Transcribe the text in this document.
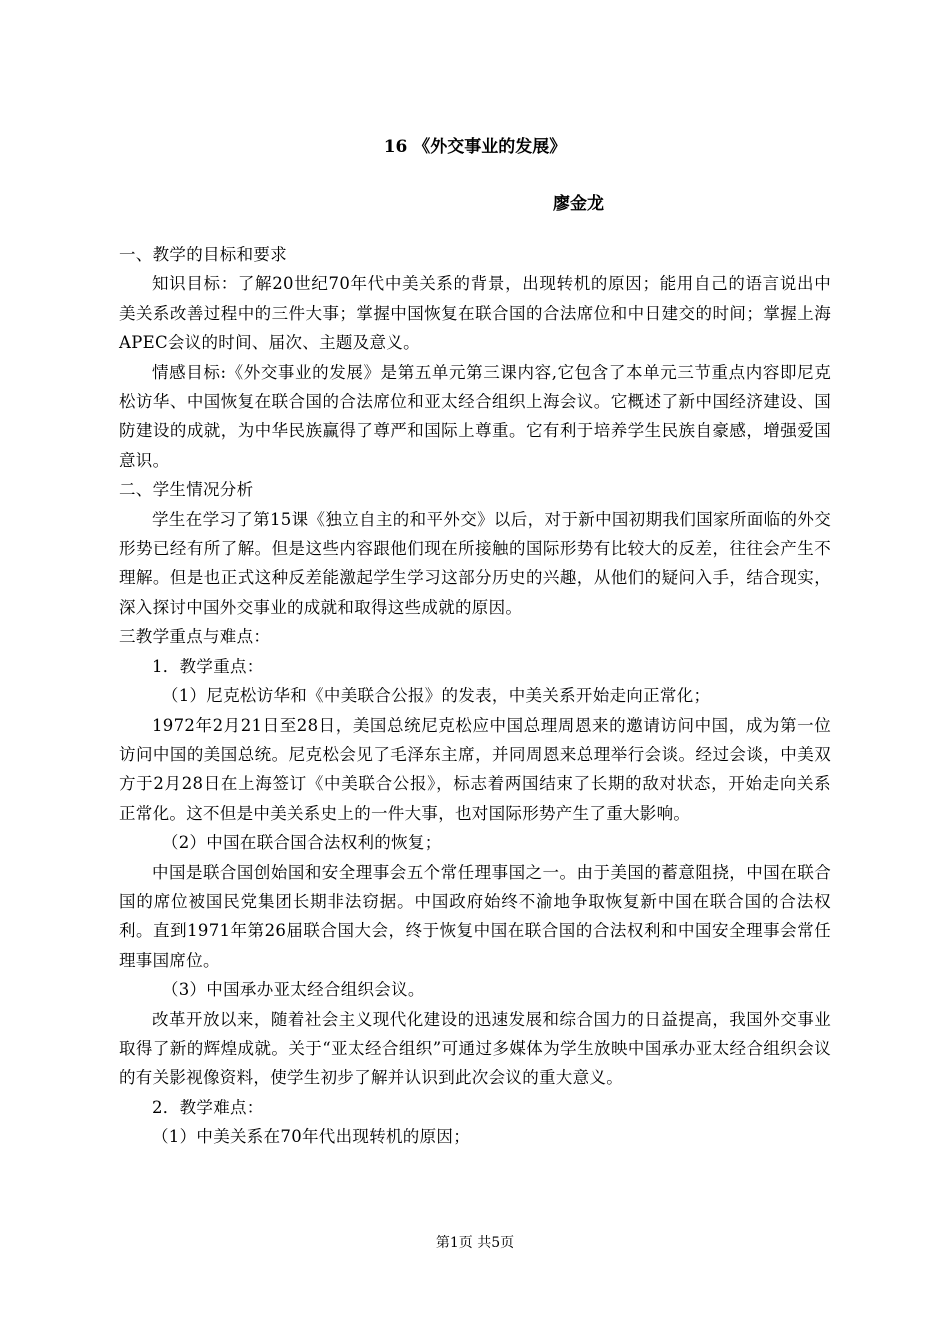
16 《外交事业的发展》
廖金龙

一、教学的目标和要求

知识目标：了解20世纪70年代中美关系的背景，出现转机的原因；能用自己的语言说出中美关系改善过程中的三件大事；掌握中国恢复在联合国的合法席位和中日建交的时间；掌握上海APEC会议的时间、届次、主题及意义。

情感目标:《外交事业的发展》是第五单元第三课内容,它包含了本单元三节重点内容即尼克松访华、中国恢复在联合国的合法席位和亚太经合组织上海会议。它概述了新中国经济建设、国防建设的成就，为中华民族赢得了尊严和国际上尊重。它有利于培养学生民族自豪感，增强爱国意识。

二、学生情况分析

学生在学习了第15课《独立自主的和平外交》以后，对于新中国初期我们国家所面临的外交形势已经有所了解。但是这些内容跟他们现在所接触的国际形势有比较大的反差，往往会产生不理解。但是也正式这种反差能激起学生学习这部分历史的兴趣，从他们的疑问入手，结合现实，深入探讨中国外交事业的成就和取得这些成就的原因。

三教学重点与难点：

1．教学重点：

（1）尼克松访华和《中美联合公报》的发表，中美关系开始走向正常化；

1972年2月21日至28日，美国总统尼克松应中国总理周恩来的邀请访问中国，成为第一位访问中国的美国总统。尼克松会见了毛泽东主席，并同周恩来总理举行会谈。经过会谈，中美双方于2月28日在上海签订《中美联合公报》，标志着两国结束了长期的敌对状态，开始走向关系正常化。这不但是中美关系史上的一件大事，也对国际形势产生了重大影响。

（2）中国在联合国合法权利的恢复；

中国是联合国创始国和安全理事会五个常任理事国之一。由于美国的蓄意阻挠，中国在联合国的席位被国民党集团长期非法窃据。中国政府始终不渝地争取恢复新中国在联合国的合法权利。直到1971年第26届联合国大会，终于恢复中国在联合国的合法权利和中国安全理事会常任理事国席位。

（3）中国承办亚太经合组织会议。

改革开放以来，随着社会主义现代化建设的迅速发展和综合国力的日益提高，我国外交事业取得了新的辉煌成就。关于“亚太经合组织”可通过多媒体为学生放映中国承办亚太经合组织会议的有关影视像资料，使学生初步了解并认识到此次会议的重大意义。

2．教学难点：

（1）中美关系在70年代出现转机的原因；

第1页 共5页
